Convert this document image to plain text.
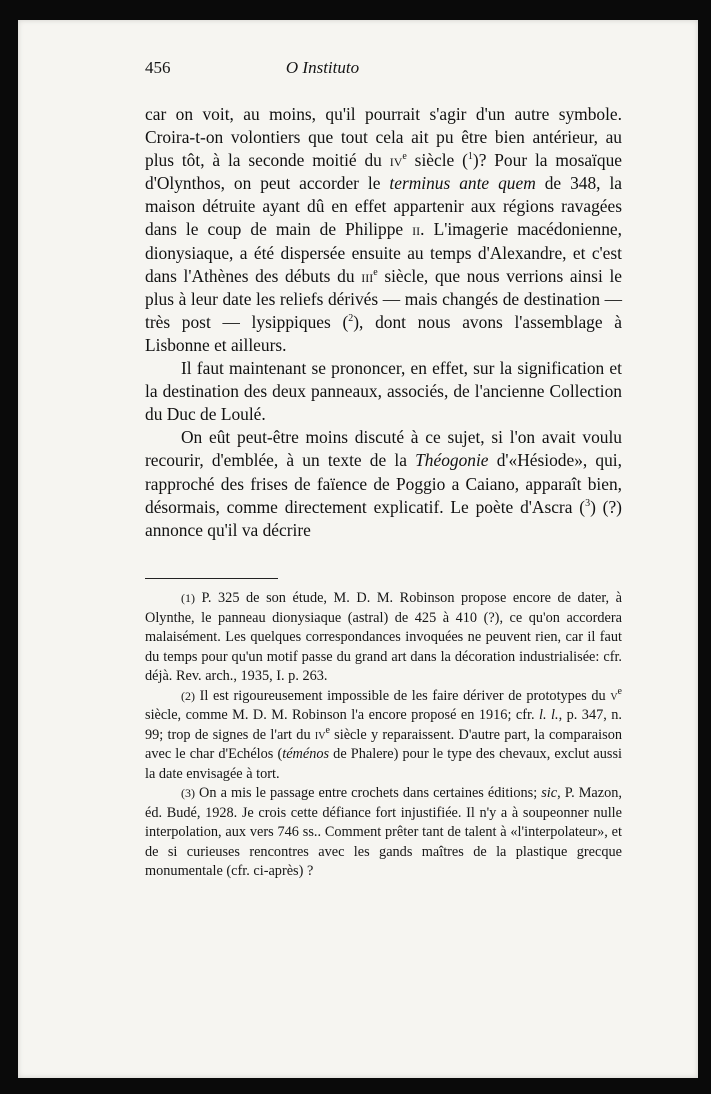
456	O Instituto

car on voit, au moins, qu'il pourrait s'agir d'un autre symbole. Croira-t-on volontiers que tout cela ait pu être bien antérieur, au plus tôt, à la seconde moitié du $iv^e$ siècle ($^1$)? Pour la mosaïque d'Olynthos, on peut accorder le terminus ante quem de 348, la maison détruite ayant dû en effet appartenir aux régions ravagées dans le coup de main de Philippe ii. L'imagerie macédonienne, dionysiaque, a été dispersée ensuite au temps d'Alexandre, et c'est dans l'Athènes des débuts du iii$^e$ siècle, que nous verrions ainsi le plus à leur date les reliefs dérivés — mais changés de destination — très post — lysippiques ($^2$), dont nous avons l'assemblage à Lisbonne et ailleurs.

Il faut maintenant se prononcer, en effet, sur la signification et la destination des deux panneaux, associés, de l'ancienne Collection du Duc de Loulé.

On eût peut-être moins discuté à ce sujet, si l'on avait voulu recourir, d'emblée, à un texte de la Théogonie d'«Hésiode», qui, rapproché des frises de faïence de Poggio a Caiano, apparaît bien, désormais, comme directement explicatif. Le poète d'Ascra ($^3$) (?) annonce qu'il va décrire

(1) P. 325 de son étude, M. D. M. Robinson propose encore de dater, à Olynthe, le panneau dionysiaque (astral) de 425 à 410 (?), ce qu'on accordera malaisément. Les quelques correspondances invoquées ne peuvent rien, car il faut du temps pour qu'un motif passe du grand art dans la décoration industrialisée: cfr. déjà. Rev. arch., 1935, I. p. 263.

(2) Il est rigoureusement impossible de les faire dériver de prototypes du $v^e$ siècle, comme M. D. M. Robinson l'a encore proposé en 1916; cfr. l. l., p. 347, n. 99; trop de signes de l'art du $iv^e$ siècle y reparaissent. D'autre part, la comparaison avec le char d'Echélos (téménos de Phalere) pour le type des chevaux, exclut aussi la date envisagée à tort.

(3) On a mis le passage entre crochets dans certaines éditions; sic, P. Mazon, éd. Budé, 1928. Je crois cette défiance fort injustifiée. Il n'y a à soupeonner nulle interpolation, aux vers 746 ss.. Comment prêter tant de talent à «l'interpolateur», et de si curieuses rencontres avec les gands maîtres de la plastique grecque monumentale (cfr. ci-après) ?
